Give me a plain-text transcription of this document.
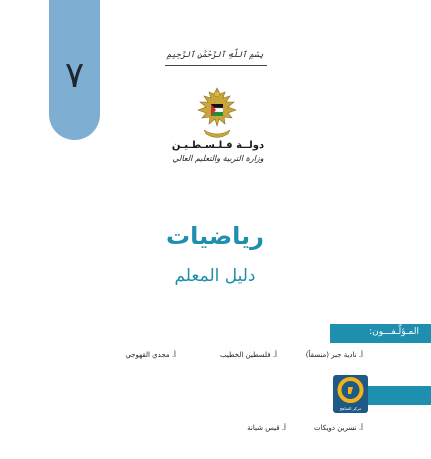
٧
بِسْمِ ٱللَّهِ ٱلرَّحْمَٰنِ ٱلرَّحِيمِ
دولــة فـلـسـطـيـن
وزارة التربية والتعليم العالي
رياضيات
دليل المعلم
المـؤلّـفـــون:
أ. نادية جبر (منسقاً)
أ. فلسطين الخطيب
أ. مجدي القهوجي
أ. نسرين دويكات
أ. قيس شبانة
مركز المناهج
